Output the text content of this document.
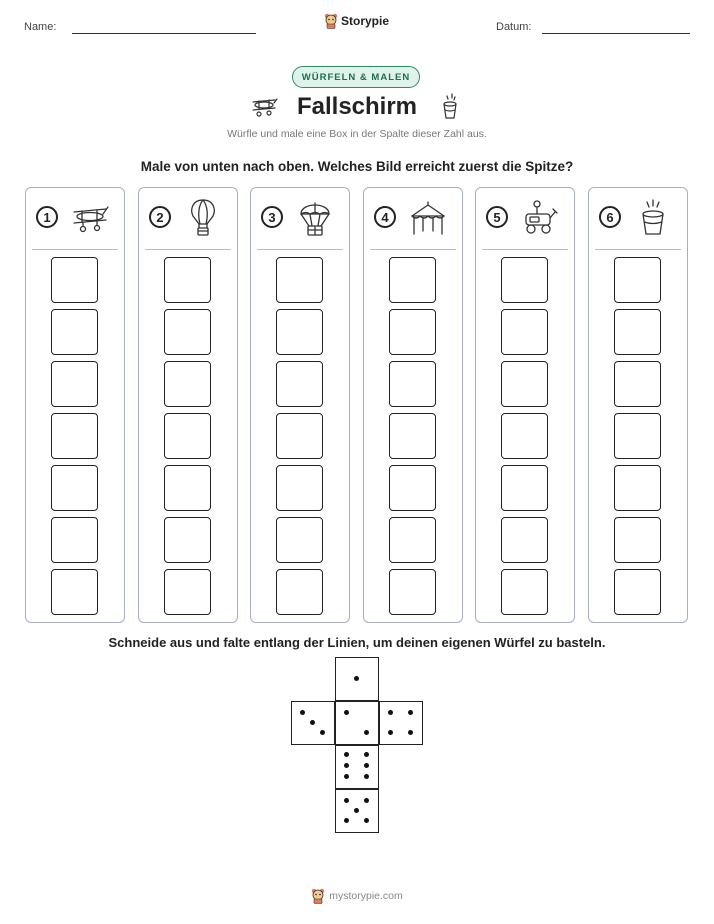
Name:	Storypie	Datum:
WÜRFELN & MALEN
Fallschirm
Würfle und male eine Box in der Spalte dieser Zahl aus.
Male von unten nach oben. Welches Bild erreicht zuerst die Spitze?
1	2	3	4	5	6
Schneide aus und falte entlang der Linien, um deinen eigenen Würfel zu basteln.
mystorypie.com
